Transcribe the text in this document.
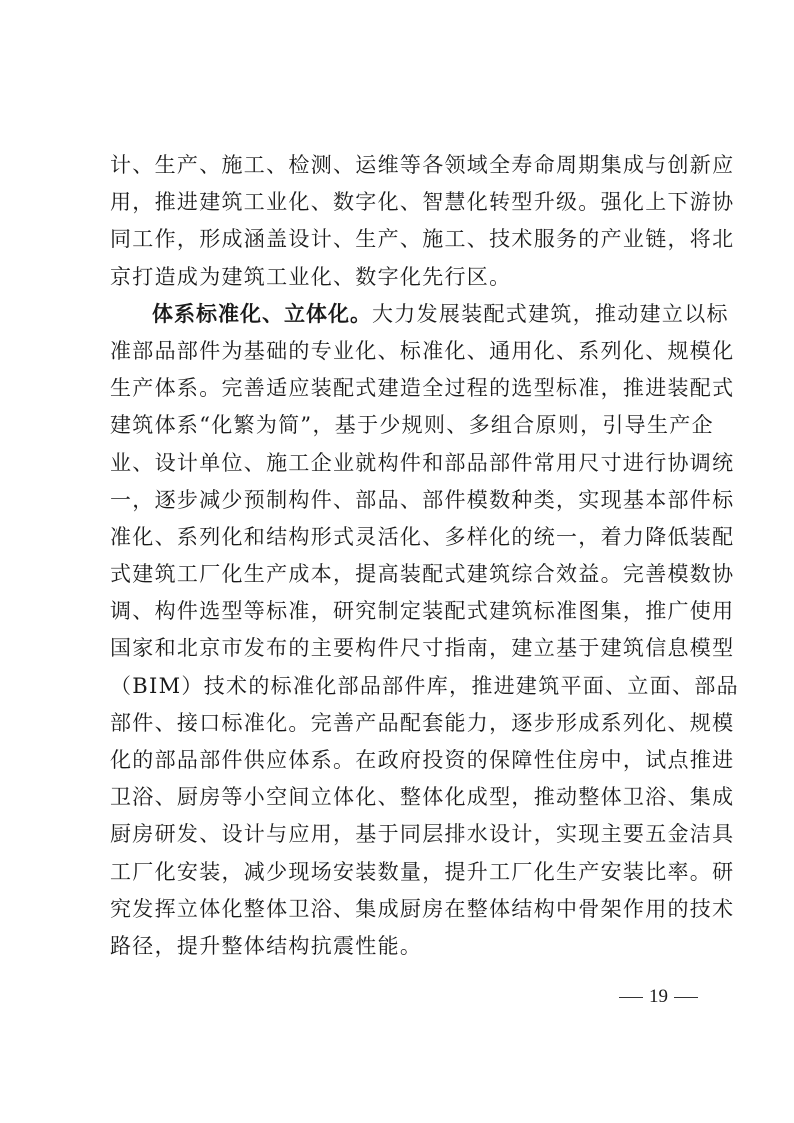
计、生产、施工、检测、运维等各领域全寿命周期集成与创新应
用，推进建筑工业化、数字化、智慧化转型升级。强化上下游协
同工作，形成涵盖设计、生产、施工、技术服务的产业链，将北
京打造成为建筑工业化、数字化先行区。
体系标准化、立体化。大力发展装配式建筑，推动建立以标
准部品部件为基础的专业化、标准化、通用化、系列化、规模化
生产体系。完善适应装配式建造全过程的选型标准，推进装配式
建筑体系“化繁为简”，基于少规则、多组合原则，引导生产企
业、设计单位、施工企业就构件和部品部件常用尺寸进行协调统
一，逐步减少预制构件、部品、部件模数种类，实现基本部件标
准化、系列化和结构形式灵活化、多样化的统一，着力降低装配
式建筑工厂化生产成本，提高装配式建筑综合效益。完善模数协
调、构件选型等标准，研究制定装配式建筑标准图集，推广使用
国家和北京市发布的主要构件尺寸指南，建立基于建筑信息模型
（BIM）技术的标准化部品部件库，推进建筑平面、立面、部品
部件、接口标准化。完善产品配套能力，逐步形成系列化、规模
化的部品部件供应体系。在政府投资的保障性住房中，试点推进
卫浴、厨房等小空间立体化、整体化成型，推动整体卫浴、集成
厨房研发、设计与应用，基于同层排水设计，实现主要五金洁具
工厂化安装，减少现场安装数量，提升工厂化生产安装比率。研
究发挥立体化整体卫浴、集成厨房在整体结构中骨架作用的技术
路径，提升整体结构抗震性能。
19
